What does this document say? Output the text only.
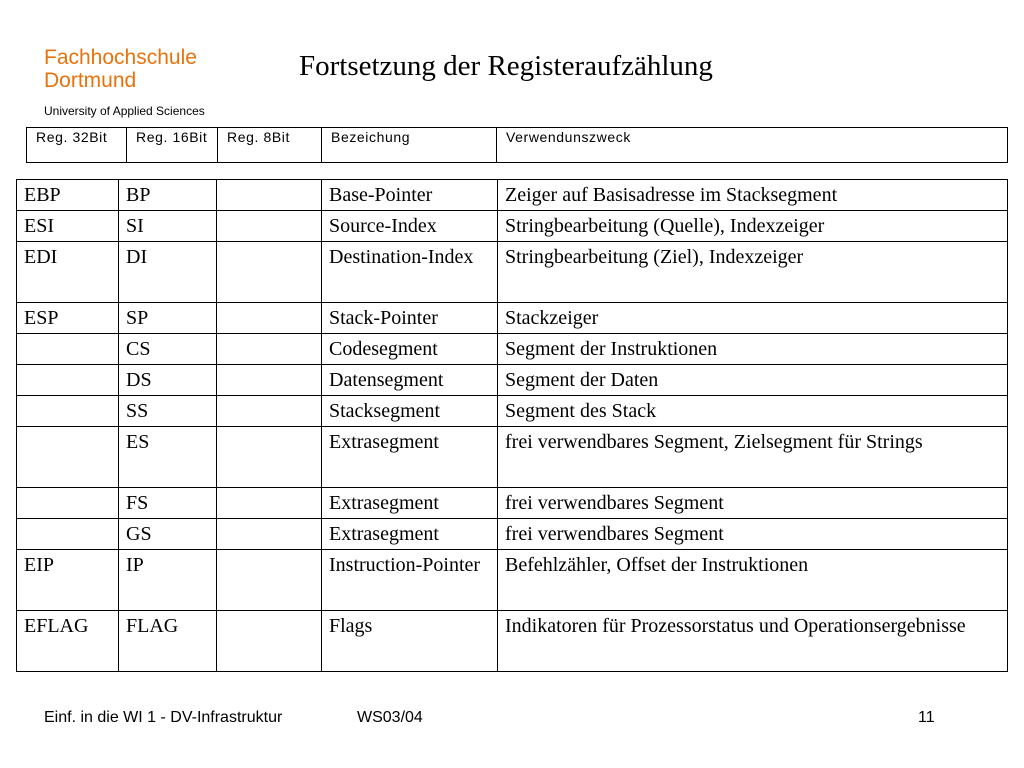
Fachhochschule
Dortmund
University of Applied Sciences
Fortsetzung der Registeraufzählung
Reg. 32Bit	Reg. 16Bit	Reg. 8Bit	Bezeichung	Verwendunszweck
EBP	BP		Base-Pointer	Zeiger auf Basisadresse im Stacksegment
ESI	SI		Source-Index	Stringbearbeitung (Quelle), Indexzeiger
EDI	DI		Destination-Index	Stringbearbeitung (Ziel), Indexzeiger
ESP	SP		Stack-Pointer	Stackzeiger
	CS		Codesegment	Segment der Instruktionen
	DS		Datensegment	Segment der Daten
	SS		Stacksegment	Segment des Stack
	ES		Extrasegment	frei verwendbares Segment, Zielsegment für Strings
	FS		Extrasegment	frei verwendbares Segment
	GS		Extrasegment	frei verwendbares Segment
EIP	IP		Instruction-Pointer	Befehlzähler, Offset der Instruktionen
EFLAG	FLAG		Flags	Indikatoren für Prozessorstatus und Operationsergebnisse
Einf. in die WI 1 - DV-Infrastruktur	WS03/04	11
